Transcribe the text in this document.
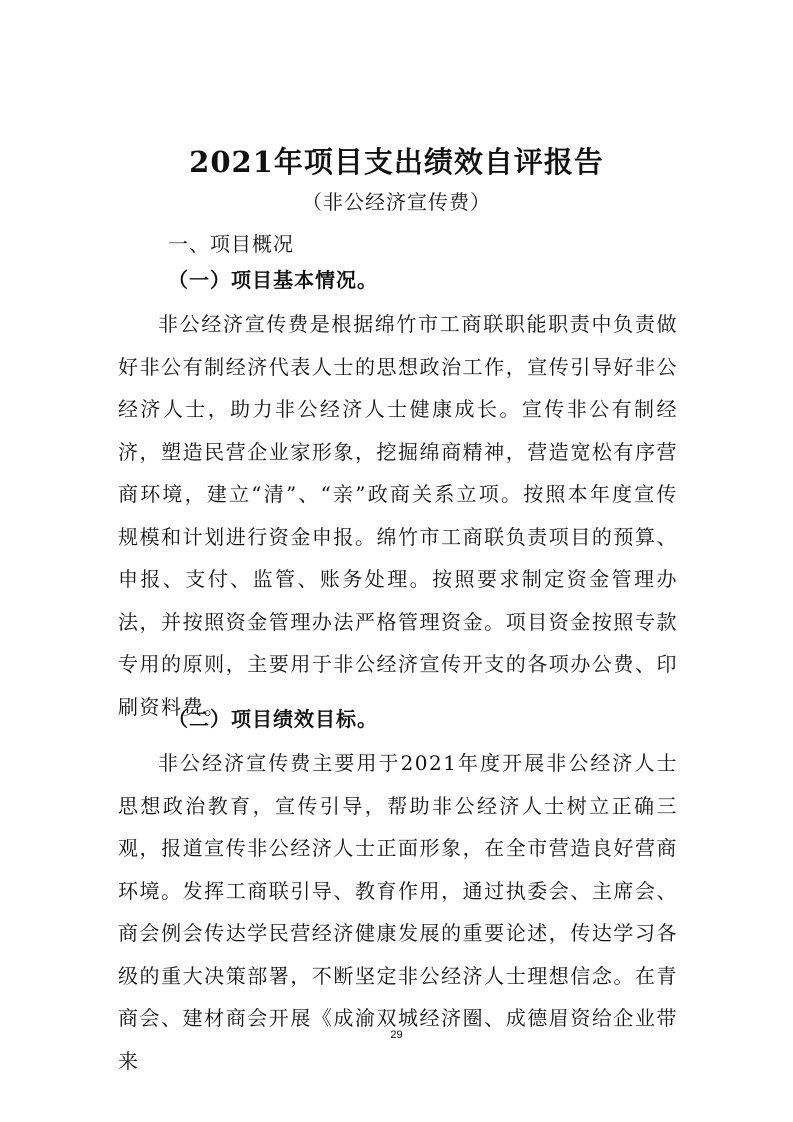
2021年项目支出绩效自评报告
（非公经济宣传费）
一、项目概况
（一）项目基本情况。

非公经济宣传费是根据绵竹市工商联职能职责中负责做好非公有制经济代表人士的思想政治工作，宣传引导好非公经济人士，助力非公经济人士健康成长。宣传非公有制经济，塑造民营企业家形象，挖掘绵商精神，营造宽松有序营商环境，建立“清”、“亲”政商关系立项。按照本年度宣传规模和计划进行资金申报。绵竹市工商联负责项目的预算、申报、支付、监管、账务处理。按照要求制定资金管理办法，并按照资金管理办法严格管理资金。项目资金按照专款专用的原则，主要用于非公经济宣传开支的各项办公费、印刷资料费。

（二）项目绩效目标。

非公经济宣传费主要用于2021年度开展非公经济人士思想政治教育，宣传引导，帮助非公经济人士树立正确三观，报道宣传非公经济人士正面形象，在全市营造良好营商环境。发挥工商联引导、教育作用，通过执委会、主席会、商会例会传达学民营经济健康发展的重要论述，传达学习各级的重大决策部署，不断坚定非公经济人士理想信念。在青商会、建材商会开展《成渝双城经济圈、成德眉资给企业带来

29
